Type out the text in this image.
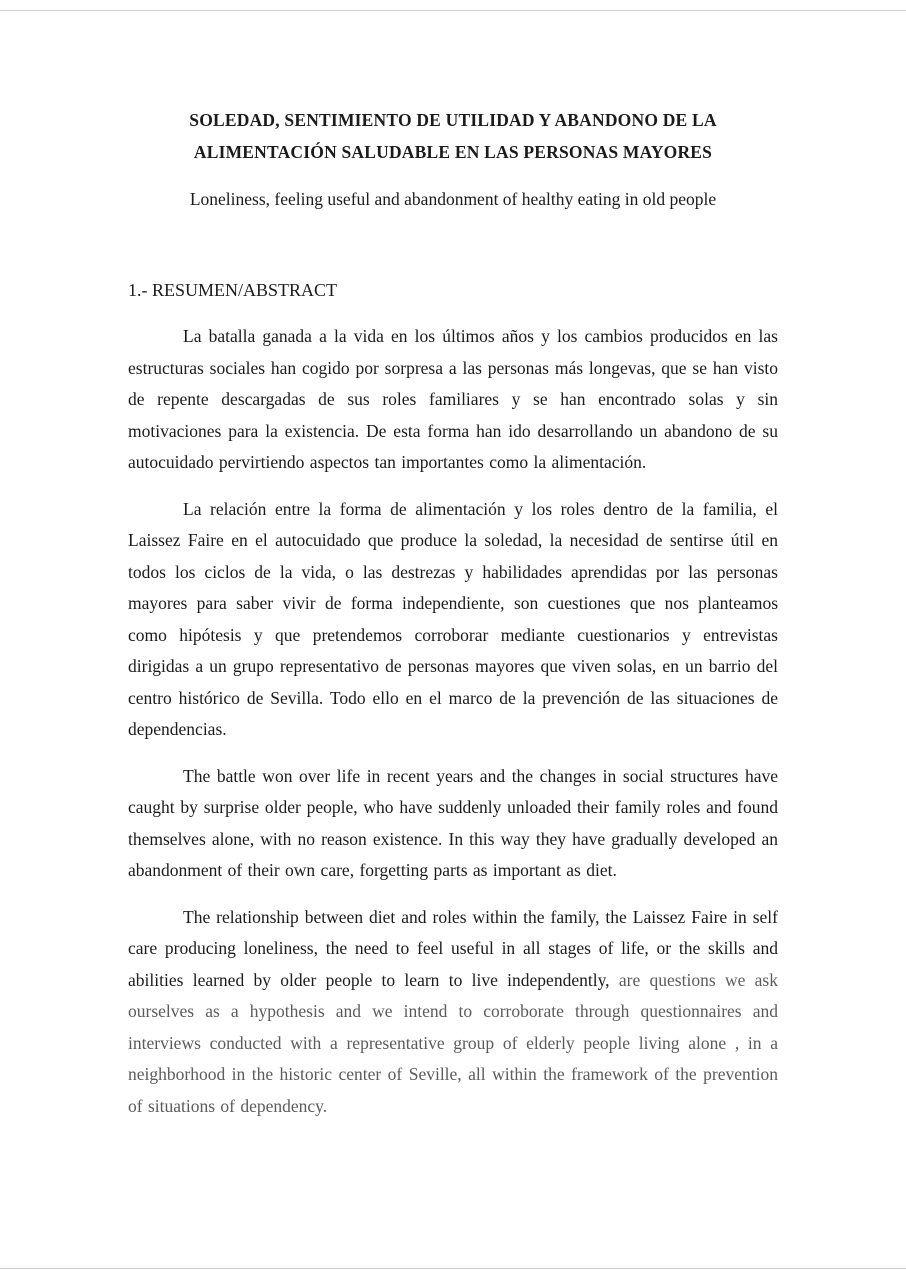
SOLEDAD, SENTIMIENTO DE UTILIDAD Y ABANDONO DE LA
ALIMENTACIÓN SALUDABLE EN LAS PERSONAS MAYORES

Loneliness, feeling useful and abandonment of healthy eating in old people

1.- RESUMEN/ABSTRACT

La batalla ganada a la vida en los últimos años y los cambios producidos en las estructuras sociales han cogido por sorpresa a las personas más longevas, que se han visto de repente descargadas de sus roles familiares y se han encontrado solas y sin motivaciones para la existencia. De esta forma han ido desarrollando un abandono de su autocuidado pervirtiendo aspectos tan importantes como la alimentación.

La relación entre la forma de alimentación y los roles dentro de la familia, el Laissez Faire en el autocuidado que produce la soledad, la necesidad de sentirse útil en todos los ciclos de la vida, o las destrezas y habilidades aprendidas por las personas mayores para saber vivir de forma independiente, son cuestiones que nos planteamos como hipótesis y que pretendemos corroborar mediante cuestionarios y entrevistas dirigidas a un grupo representativo de personas mayores que viven solas, en un barrio del centro histórico de Sevilla. Todo ello en el marco de la prevención de las situaciones de dependencias.

The battle won over life in recent years and the changes in social structures have caught by surprise older people, who have suddenly unloaded their family roles and found themselves alone, with no reason existence. In this way they have gradually developed an abandonment of their own care, forgetting parts as important as diet.

The relationship between diet and roles within the family, the Laissez Faire in self care producing loneliness, the need to feel useful in all stages of life, or the skills and abilities learned by older people to learn to live independently, are questions we ask ourselves as a hypothesis and we intend to corroborate through questionnaires and interviews conducted with a representative group of elderly people living alone , in a neighborhood in the historic center of Seville, all within the framework of the prevention of situations of dependency.
